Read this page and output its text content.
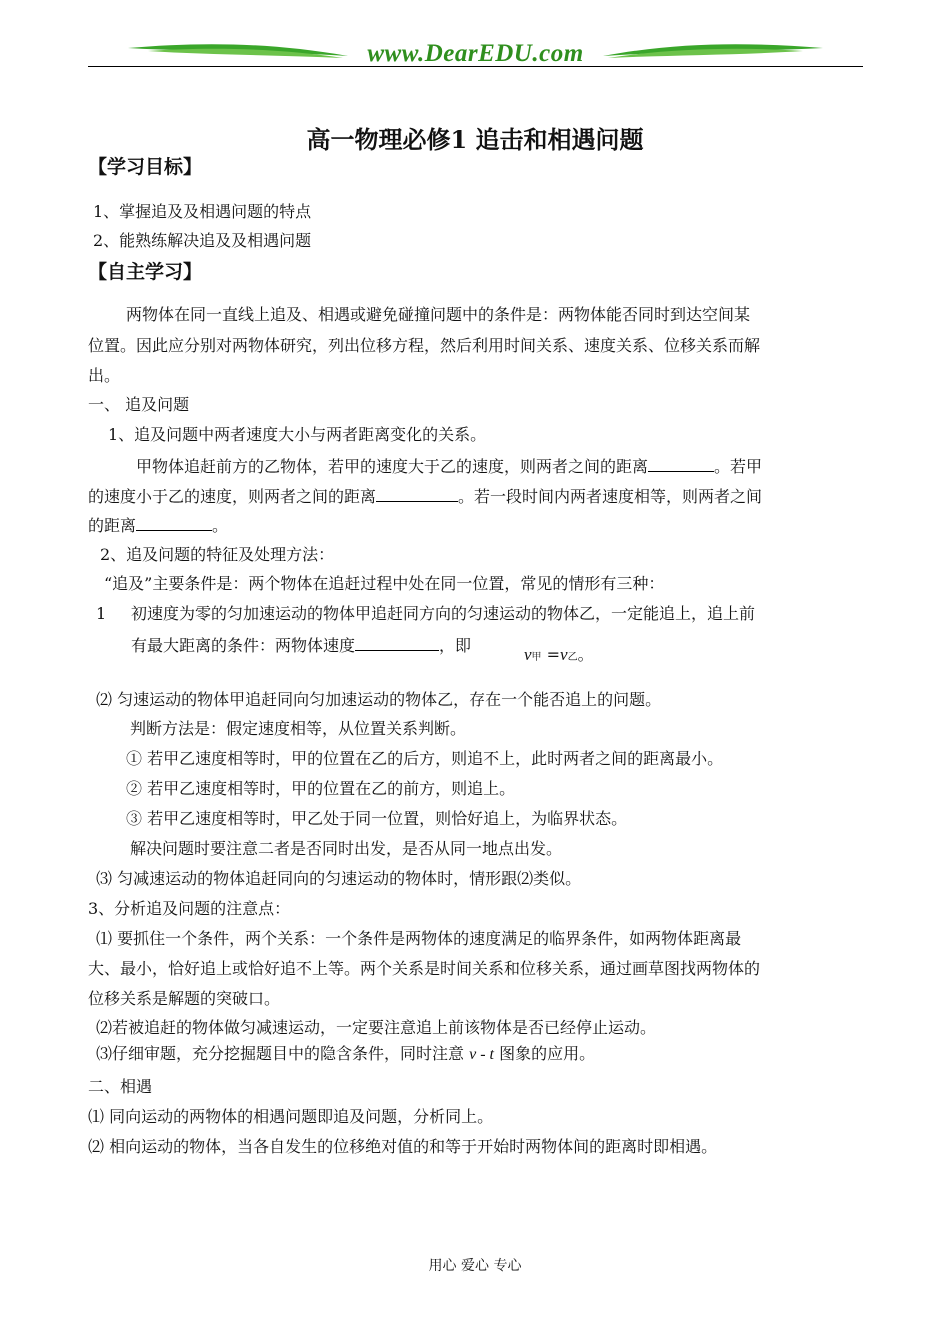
www.DearEDU.com
高一物理必修1 追击和相遇问题
【学习目标】
1、掌握追及及相遇问题的特点
2、能熟练解决追及及相遇问题
【自主学习】
两物体在同一直线上追及、相遇或避免碰撞问题中的条件是：两物体能否同时到达空间某
位置。因此应分别对两物体研究，列出位移方程，然后利用时间关系、速度关系、位移关系而解
出。
一、 追及问题
1、追及问题中两者速度大小与两者距离变化的关系。
甲物体追赶前方的乙物体，若甲的速度大于乙的速度，则两者之间的距离	。若甲
的速度小于乙的速度，则两者之间的距离	。若一段时间内两者速度相等，则两者之间
的距离	。
2、追及问题的特征及处理方法：
“追及”主要条件是：两个物体在追赶过程中处在同一位置，常见的情形有三种：
1 初速度为零的匀加速运动的物体甲追赶同方向的匀速运动的物体乙，一定能追上，追上前
有最大距离的条件：两物体速度	，即	v甲 =v乙。
⑵ 匀速运动的物体甲追赶同向匀加速运动的物体乙，存在一个能否追上的问题。
判断方法是：假定速度相等，从位置关系判断。
① 若甲乙速度相等时，甲的位置在乙的后方，则追不上，此时两者之间的距离最小。
② 若甲乙速度相等时，甲的位置在乙的前方，则追上。
③ 若甲乙速度相等时，甲乙处于同一位置，则恰好追上，为临界状态。
解决问题时要注意二者是否同时出发，是否从同一地点出发。
⑶ 匀减速运动的物体追赶同向的匀速运动的物体时，情形跟⑵类似。
3、分析追及问题的注意点：
⑴ 要抓住一个条件，两个关系：一个条件是两物体的速度满足的临界条件，如两物体距离最
大、最小，恰好追上或恰好追不上等。两个关系是时间关系和位移关系，通过画草图找两物体的
位移关系是解题的突破口。
⑵若被追赶的物体做匀减速运动，一定要注意追上前该物体是否已经停止运动。
⑶仔细审题，充分挖掘题目中的隐含条件，同时注意 v - t 图象的应用。
二、相遇
⑴ 同向运动的两物体的相遇问题即追及问题，分析同上。
⑵ 相向运动的物体，当各自发生的位移绝对值的和等于开始时两物体间的距离时即相遇。
用心 爱心 专心
